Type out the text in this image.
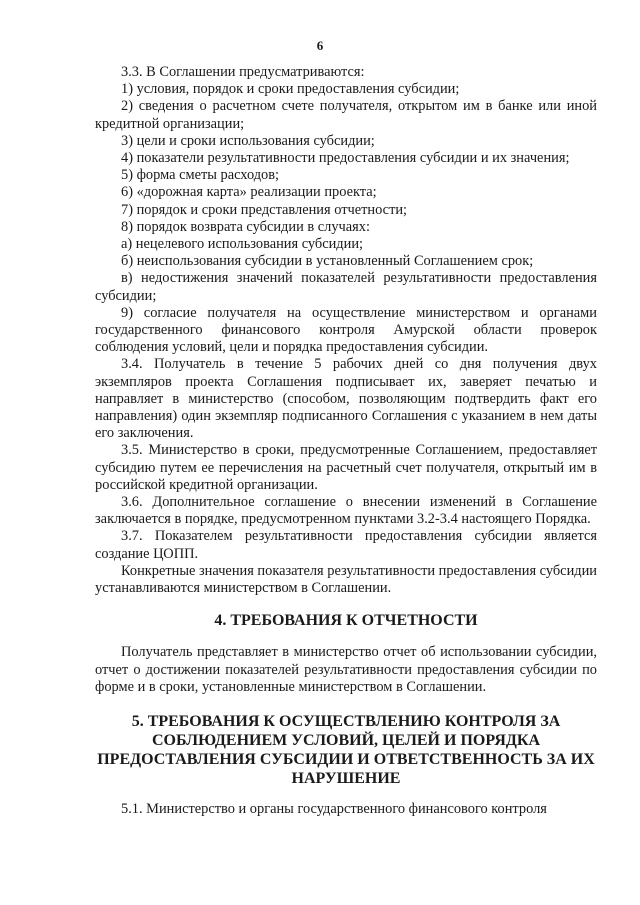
6

3.3. В Соглашении предусматриваются:

1) условия, порядок и сроки предоставления субсидии;

2) сведения о расчетном счете получателя, открытом им в банке или иной кредитной организации;

3) цели и сроки использования субсидии;

4) показатели результативности предоставления субсидии и их значения;

5) форма сметы расходов;

6) «дорожная карта» реализации проекта;

7) порядок и сроки представления отчетности;

8) порядок возврата субсидии в случаях:

а) нецелевого использования субсидии;

б) неиспользования субсидии в установленный Соглашением срок;

в) недостижения значений показателей результативности предоставления субсидии;

9) согласие получателя на осуществление министерством и органами государственного финансового контроля Амурской области проверок соблюдения условий, цели и порядка предоставления субсидии.

3.4. Получатель в течение 5 рабочих дней со дня получения двух экземпляров проекта Соглашения подписывает их, заверяет печатью и направляет в министерство (способом, позволяющим подтвердить факт его направления) один экземпляр подписанного Соглашения с указанием в нем даты его заключения.

3.5. Министерство в сроки, предусмотренные Соглашением, предоставляет субсидию путем ее перечисления на расчетный счет получателя, открытый им в российской кредитной организации.

3.6. Дополнительное соглашение о внесении изменений в Соглашение заключается в порядке, предусмотренном пунктами 3.2-3.4 настоящего Порядка.

3.7. Показателем результативности предоставления субсидии является создание ЦОПП.

Конкретные значения показателя результативности предоставления субсидии устанавливаются министерством в Соглашении.

4. ТРЕБОВАНИЯ К ОТЧЕТНОСТИ

Получатель представляет в министерство отчет об использовании субсидии, отчет о достижении показателей результативности предоставления субсидии по форме и в сроки, установленные министерством в Соглашении.

5. ТРЕБОВАНИЯ К ОСУЩЕСТВЛЕНИЮ КОНТРОЛЯ ЗА СОБЛЮДЕНИЕМ УСЛОВИЙ, ЦЕЛЕЙ И ПОРЯДКА ПРЕДОСТАВЛЕНИЯ СУБСИДИИ И ОТВЕТСТВЕННОСТЬ ЗА ИХ НАРУШЕНИЕ

5.1. Министерство и органы государственного финансового контроля
